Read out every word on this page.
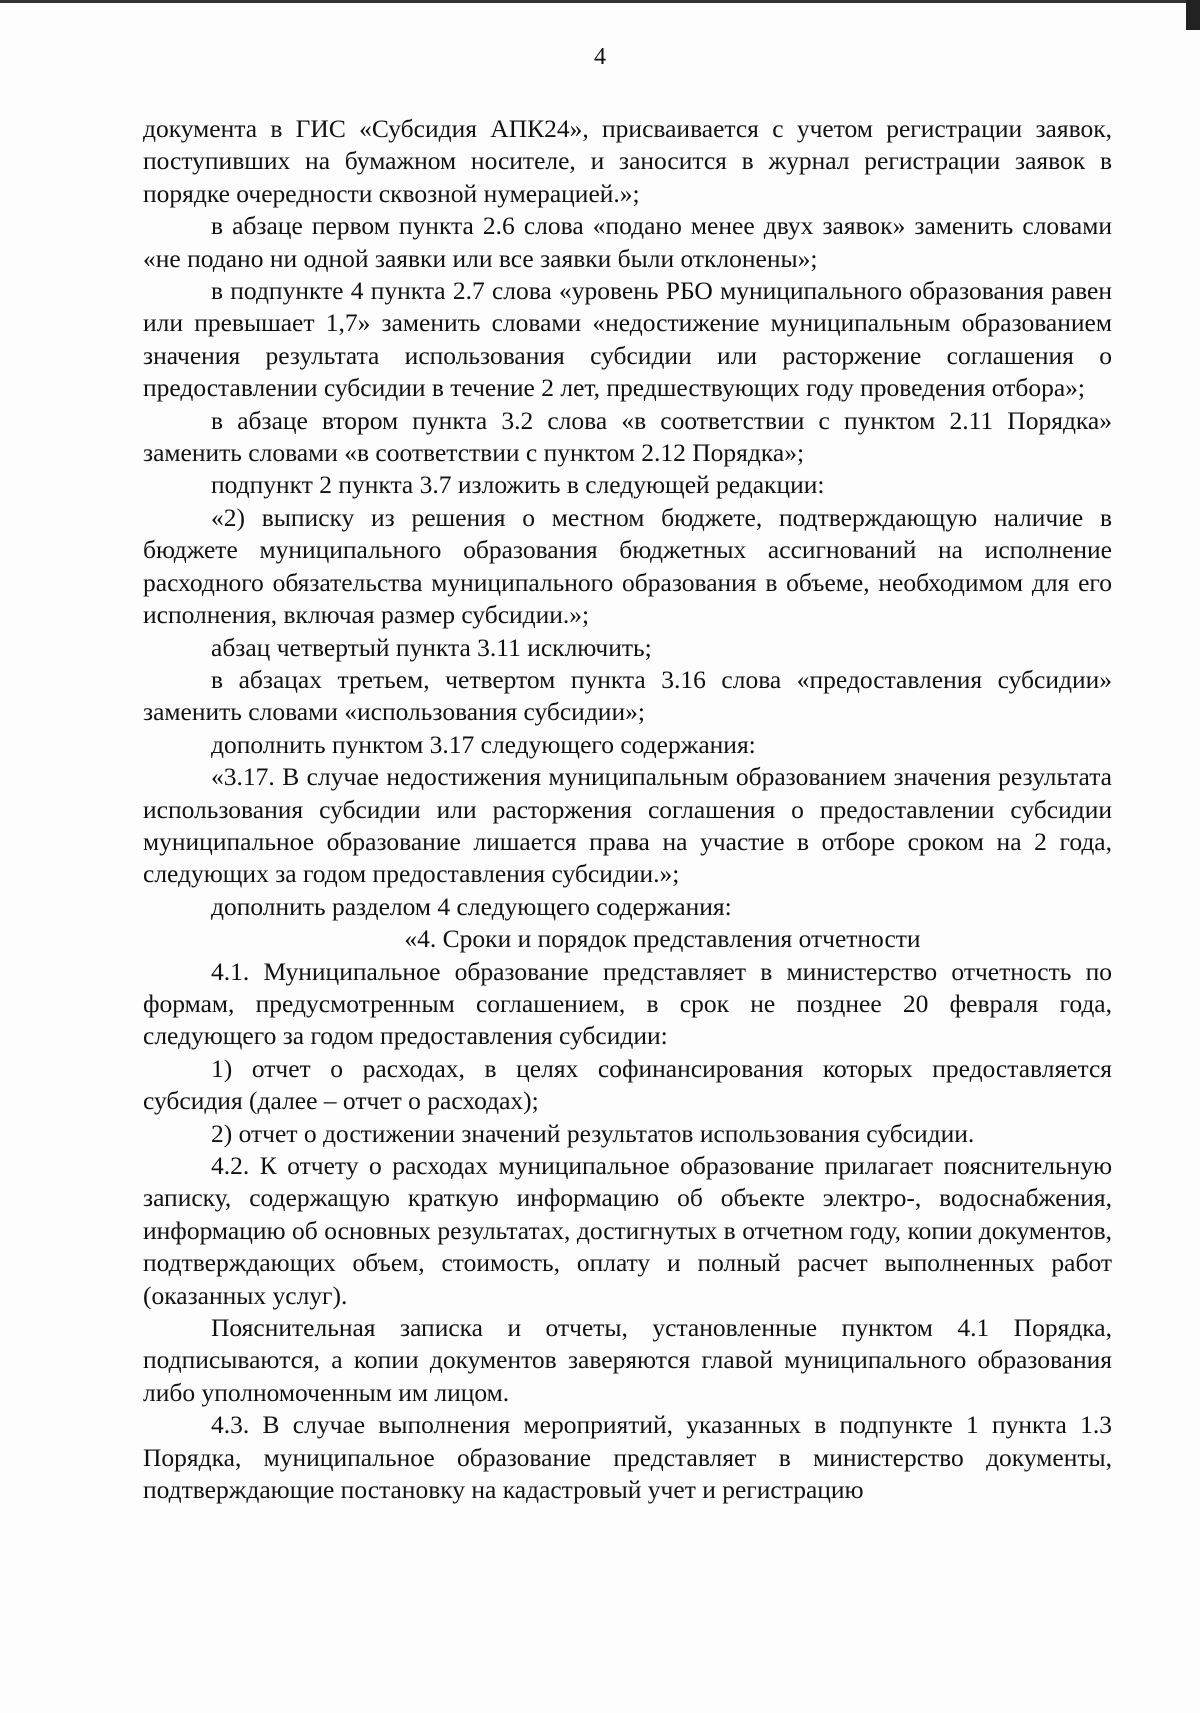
4

документа в ГИС «Субсидия АПК24», присваивается с учетом регистрации заявок, поступивших на бумажном носителе, и заносится в журнал регистрации заявок в порядке очередности сквозной нумерацией.»;

в абзаце первом пункта 2.6 слова «подано менее двух заявок» заменить словами «не подано ни одной заявки или все заявки были отклонены»;

в подпункте 4 пункта 2.7 слова «уровень РБО муниципального образования равен или превышает 1,7» заменить словами «недостижение муниципальным образованием значения результата использования субсидии или расторжение соглашения о предоставлении субсидии в течение 2 лет, предшествующих году проведения отбора»;

в абзаце втором пункта 3.2 слова «в соответствии с пунктом 2.11 Порядка» заменить словами «в соответствии с пунктом 2.12 Порядка»;

подпункт 2 пункта 3.7 изложить в следующей редакции:

«2) выписку из решения о местном бюджете, подтверждающую наличие в бюджете муниципального образования бюджетных ассигнований на исполнение расходного обязательства муниципального образования в объеме, необходимом для его исполнения, включая размер субсидии.»;

абзац четвертый пункта 3.11 исключить;

в абзацах третьем, четвертом пункта 3.16 слова «предоставления субсидии» заменить словами «использования субсидии»;

дополнить пунктом 3.17 следующего содержания:

«3.17. В случае недостижения муниципальным образованием значения результата использования субсидии или расторжения соглашения о предоставлении субсидии муниципальное образование лишается права на участие в отборе сроком на 2 года, следующих за годом предоставления субсидии.»;

дополнить разделом 4 следующего содержания:

«4. Сроки и порядок представления отчетности

4.1. Муниципальное образование представляет в министерство отчетность по формам, предусмотренным соглашением, в срок не позднее 20 февраля года, следующего за годом предоставления субсидии:

1) отчет о расходах, в целях софинансирования которых предоставляется субсидия (далее – отчет о расходах);

2) отчет о достижении значений результатов использования субсидии.

4.2. К отчету о расходах муниципальное образование прилагает пояснительную записку, содержащую краткую информацию об объекте электро-, водоснабжения, информацию об основных результатах, достигнутых в отчетном году, копии документов, подтверждающих объем, стоимость, оплату и полный расчет выполненных работ (оказанных услуг).

Пояснительная записка и отчеты, установленные пунктом 4.1 Порядка, подписываются, а копии документов заверяются главой муниципального образования либо уполномоченным им лицом.

4.3. В случае выполнения мероприятий, указанных в подпункте 1 пункта 1.3 Порядка, муниципальное образование представляет в министерство документы, подтверждающие постановку на кадастровый учет и регистрацию
